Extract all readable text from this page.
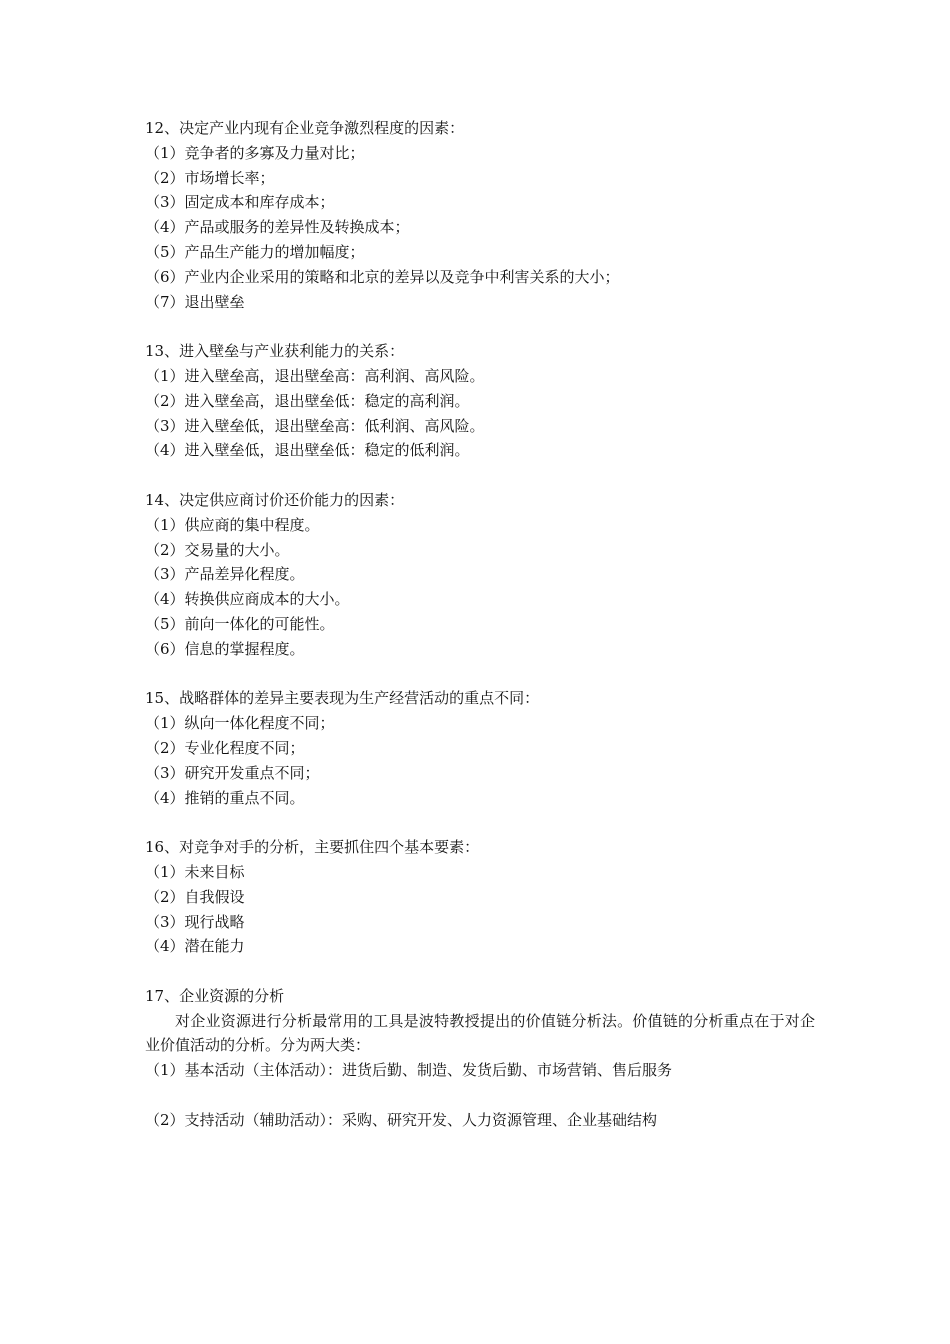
12、决定产业内现有企业竞争激烈程度的因素：
（1）竞争者的多寡及力量对比；
（2）市场增长率；
（3）固定成本和库存成本；
（4）产品或服务的差异性及转换成本；
（5）产品生产能力的增加幅度；
（6）产业内企业采用的策略和北京的差异以及竞争中利害关系的大小；
（7）退出壁垒
13、进入壁垒与产业获利能力的关系：
（1）进入壁垒高，退出壁垒高：高利润、高风险。
（2）进入壁垒高，退出壁垒低：稳定的高利润。
（3）进入壁垒低，退出壁垒高：低利润、高风险。
（4）进入壁垒低，退出壁垒低：稳定的低利润。
14、决定供应商讨价还价能力的因素：
（1）供应商的集中程度。
（2）交易量的大小。
（3）产品差异化程度。
（4）转换供应商成本的大小。
（5）前向一体化的可能性。
（6）信息的掌握程度。
15、战略群体的差异主要表现为生产经营活动的重点不同：
（1）纵向一体化程度不同；
（2）专业化程度不同；
（3）研究开发重点不同；
（4）推销的重点不同。
16、对竞争对手的分析，主要抓住四个基本要素：
（1）未来目标
（2）自我假设
（3）现行战略
（4）潜在能力
17、企业资源的分析
对企业资源进行分析最常用的工具是波特教授提出的价值链分析法。价值链的分析重点在于对企业价值活动的分析。分为两大类：
（1）基本活动（主体活动）：进货后勤、制造、发货后勤、市场营销、售后服务
（2）支持活动（辅助活动）：采购、研究开发、人力资源管理、企业基础结构
